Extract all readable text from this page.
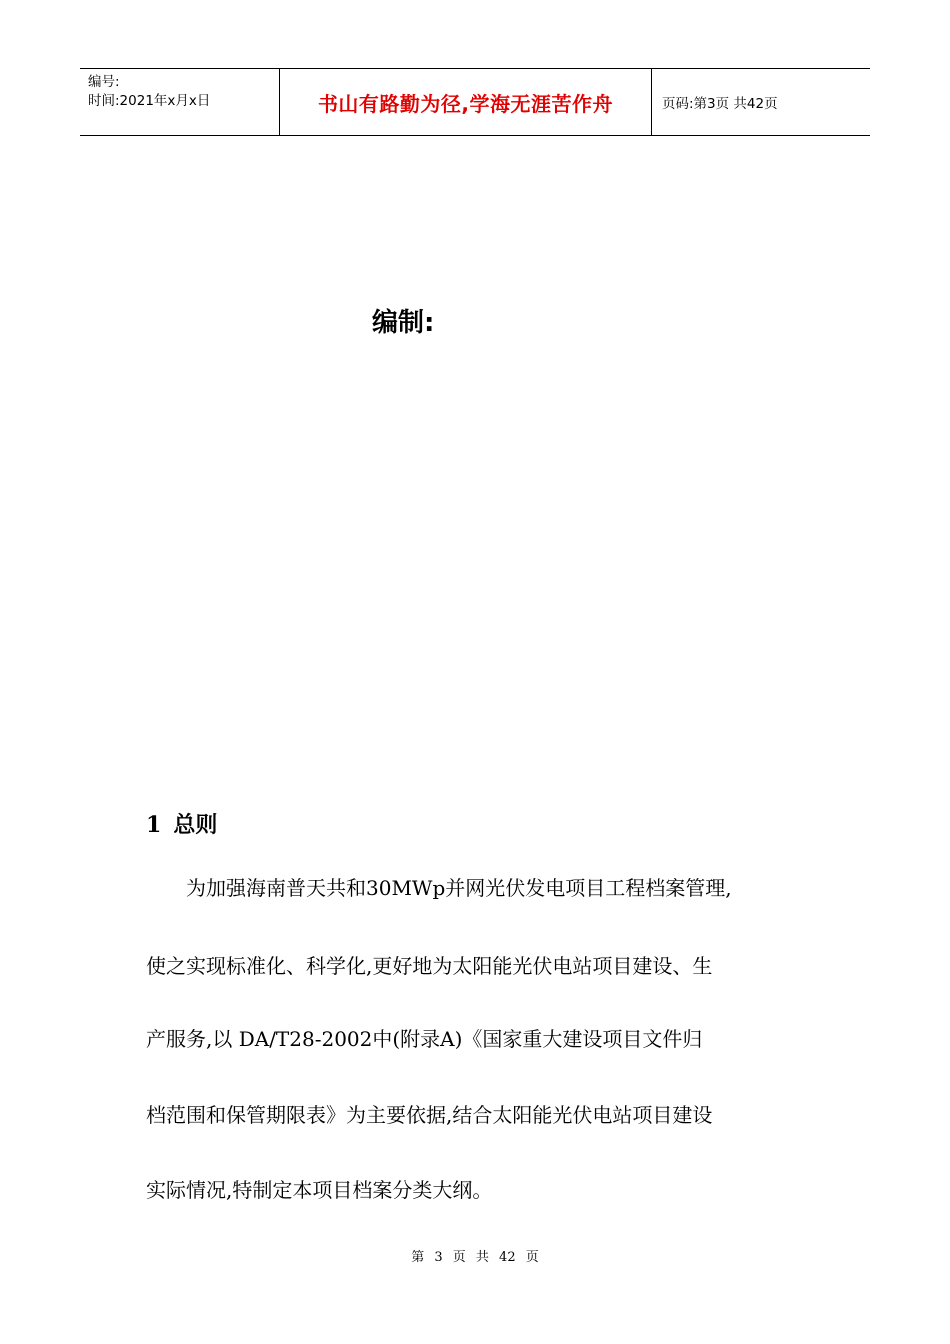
编号:
时间:2021年x月x日	书山有路勤为径,学海无涯苦作舟	页码:第3页 共42页
编制:
1 总则
　　为加强海南普天共和30MWp并网光伏发电项目工程档案管理,
使之实现标准化、科学化,更好地为太阳能光伏电站项目建设、生
产服务,以 DA/T28-2002中(附录A)《国家重大建设项目文件归
档范围和保管期限表》为主要依据,结合太阳能光伏电站项目建设
实际情况,特制定本项目档案分类大纲。
第 3 页 共 42 页
